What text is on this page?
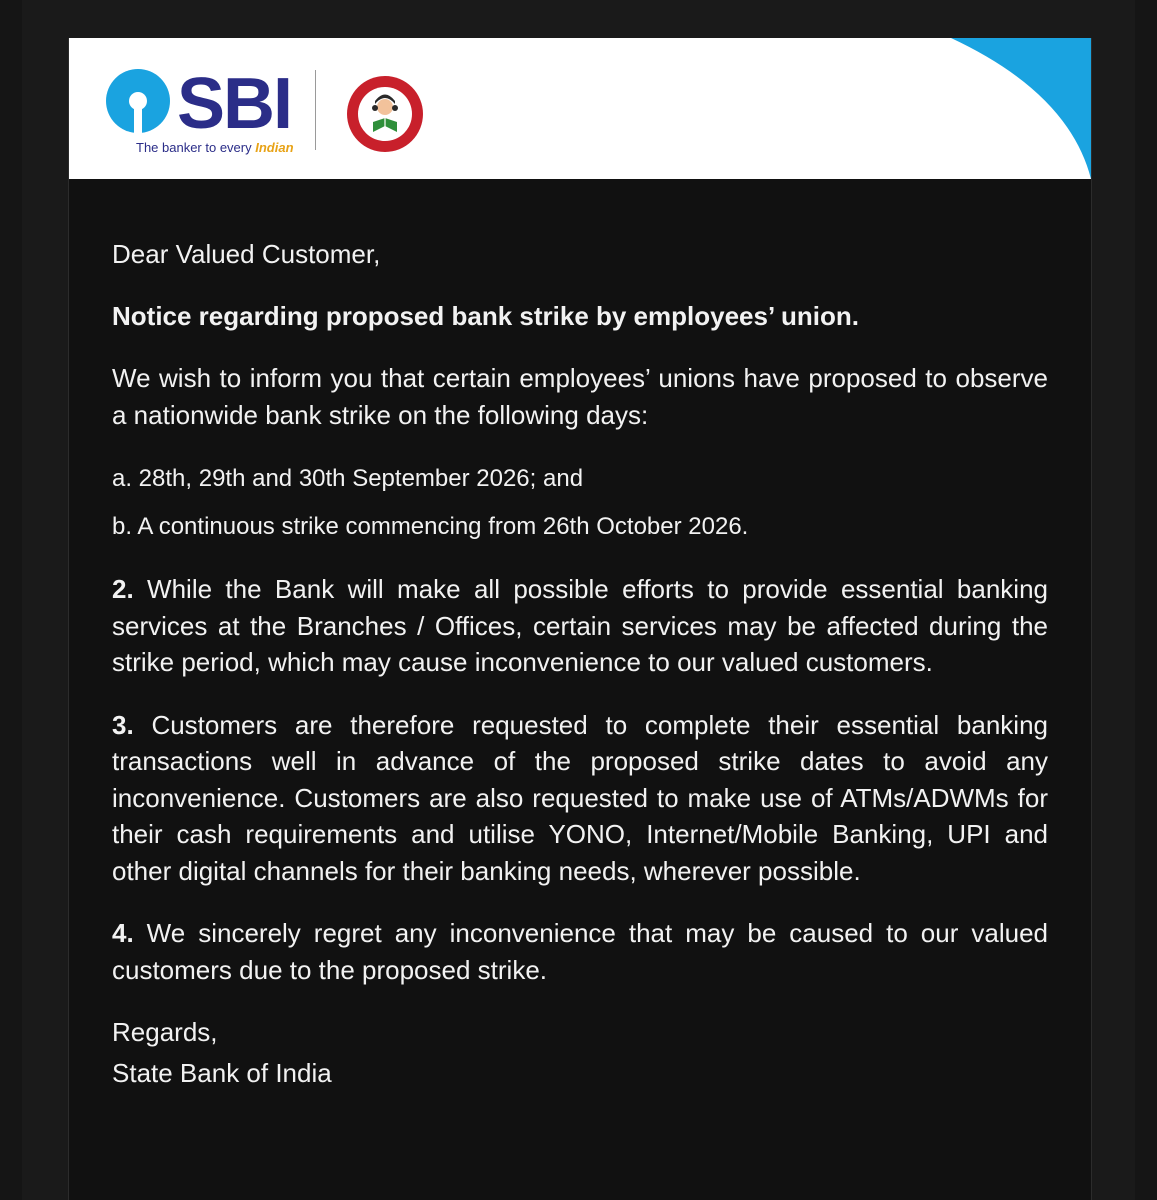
SBI
The banker to every Indian

Dear Valued Customer,

Notice regarding proposed bank strike by employees’ union.

We wish to inform you that certain employees’ unions have proposed to observe a nationwide bank strike on the following days:

a. 28th, 29th and 30th September 2026; and

b. A continuous strike commencing from 26th October 2026.

2. While the Bank will make all possible efforts to provide essential banking services at the Branches / Offices, certain services may be affected during the strike period, which may cause inconvenience to our valued customers.

3. Customers are therefore requested to complete their essential banking transactions well in advance of the proposed strike dates to avoid any inconvenience. Customers are also requested to make use of ATMs/ADWMs for their cash requirements and utilise YONO, Internet/Mobile Banking, UPI and other digital channels for their banking needs, wherever possible.

4. We sincerely regret any inconvenience that may be caused to our valued customers due to the proposed strike.

Regards,

State Bank of India
